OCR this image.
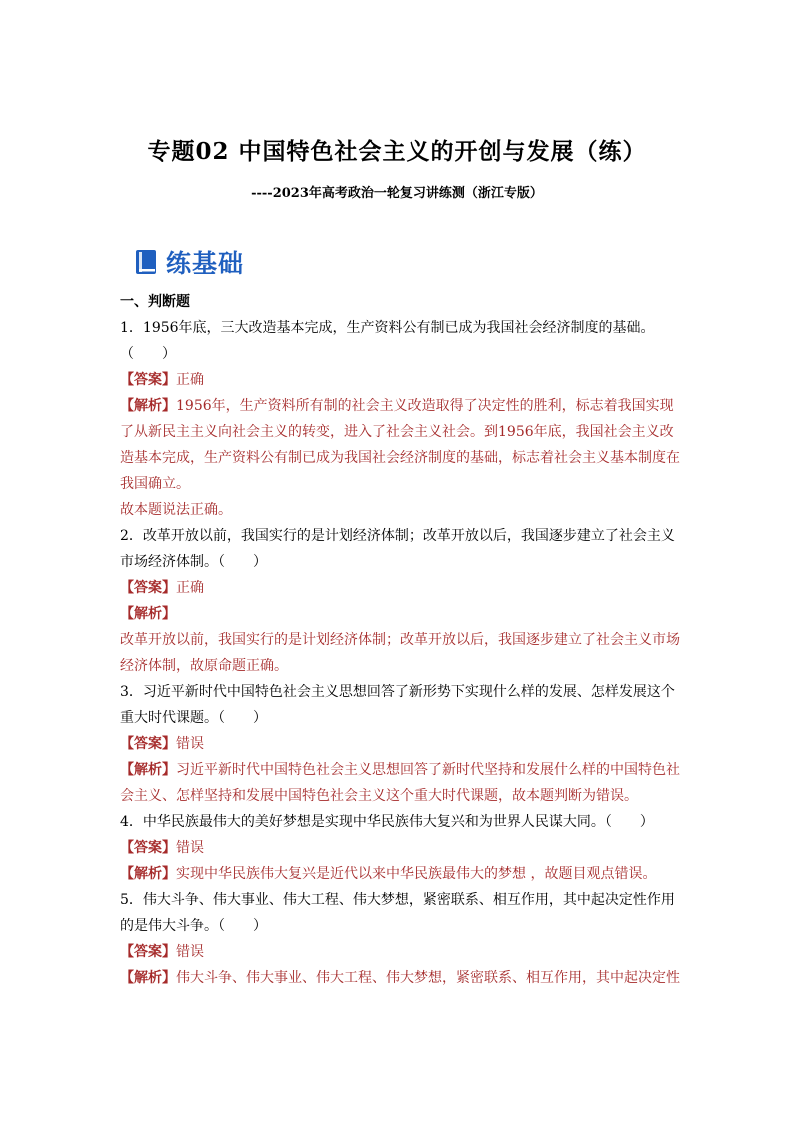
专题02 中国特色社会主义的开创与发展（练）
----2023年高考政治一轮复习讲练测（浙江专版）
练基础
一、判断题
1．1956年底，三大改造基本完成，生产资料公有制已成为我国社会经济制度的基础。
（　　）
【答案】正确
【解析】1956年，生产资料所有制的社会主义改造取得了决定性的胜利，标志着我国实现
了从新民主主义向社会主义的转变，进入了社会主义社会。到1956年底，我国社会主义改
造基本完成，生产资料公有制已成为我国社会经济制度的基础，标志着社会主义基本制度在
我国确立。
故本题说法正确。
2．改革开放以前，我国实行的是计划经济体制；改革开放以后，我国逐步建立了社会主义
市场经济体制。（　　）
【答案】正确
【解析】
改革开放以前，我国实行的是计划经济体制；改革开放以后，我国逐步建立了社会主义市场
经济体制，故原命题正确。
3．习近平新时代中国特色社会主义思想回答了新形势下实现什么样的发展、怎样发展这个
重大时代课题。（　　）
【答案】错误
【解析】习近平新时代中国特色社会主义思想回答了新时代坚持和发展什么样的中国特色社
会主义、怎样坚持和发展中国特色社会主义这个重大时代课题，故本题判断为错误。
4．中华民族最伟大的美好梦想是实现中华民族伟大复兴和为世界人民谋大同。（　　）
【答案】错误
【解析】实现中华民族伟大复兴是近代以来中华民族最伟大的梦想 ，故题目观点错误。
5．伟大斗争、伟大事业、伟大工程、伟大梦想，紧密联系、相互作用，其中起决定性作用
的是伟大斗争。（　　）
【答案】错误
【解析】伟大斗争、伟大事业、伟大工程、伟大梦想，紧密联系、相互作用，其中起决定性
